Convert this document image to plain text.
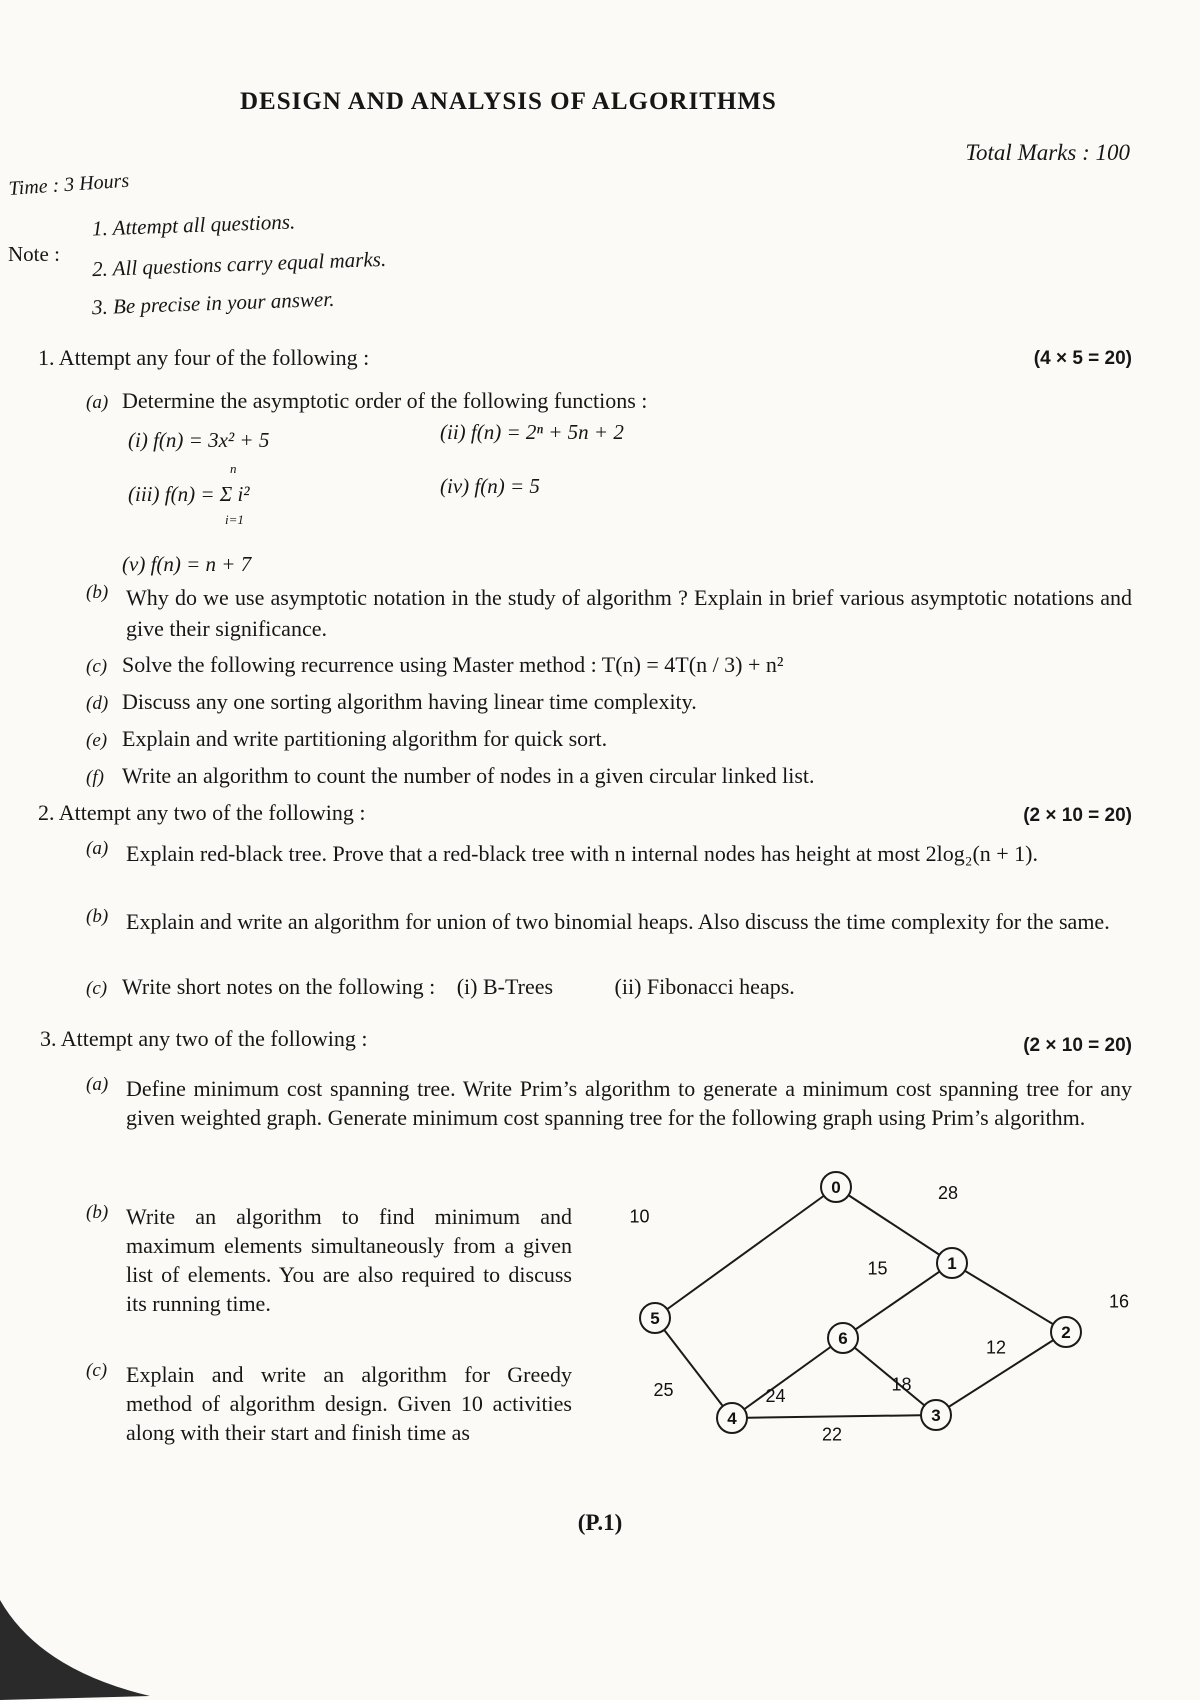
DESIGN AND ANALYSIS OF ALGORITHMS
Total Marks : 100
Time : 3 Hours
Note :
1. Attempt all questions.
2. All questions carry equal marks.
3. Be precise in your answer.
1. Attempt any four of the following :	(4 × 5 = 20)
(a) Determine the asymptotic order of the following functions :
(i) f(n) = 3x² + 5	(ii) f(n) = 2ⁿ + 5n + 2
n
(iii) f(n) = Σ i²
i=1
(iv) f(n) = 5
(v) f(n) = n + 7
(b) Why do we use asymptotic notation in the study of algorithm ? Explain in brief various asymptotic notations and give their significance.
(c) Solve the following recurrence using Master method : T(n) = 4T(n / 3) + n²
(d) Discuss any one sorting algorithm having linear time complexity.
(e) Explain and write partitioning algorithm for quick sort.
(f) Write an algorithm to count the number of nodes in a given circular linked list.
2. Attempt any two of the following :	(2 × 10 = 20)
(a) Explain red-black tree. Prove that a red-black tree with n internal nodes has height at most 2log₂(n + 1).
(b) Explain and write an algorithm for union of two binomial heaps. Also discuss the time complexity for the same.
(c) Write short notes on the following : (i) B-Trees	(ii) Fibonacci heaps.
3. Attempt any two of the following :	(2 × 10 = 20)
(a) Define minimum cost spanning tree. Write Prim’s algorithm to generate a minimum cost spanning tree for any given weighted graph. Generate minimum cost spanning tree for the following graph using Prim’s algorithm.
(b) Write an algorithm to find minimum and maximum elements simultaneously from a given list of elements. You are also required to discuss its running time.
(c) Explain and write an algorithm for Greedy method of algorithm design. Given 10 activities along with their start and finish time as
10
28
16
15
12
18
24
25
22
0
1
2
3
4
5
6
(P.1)
